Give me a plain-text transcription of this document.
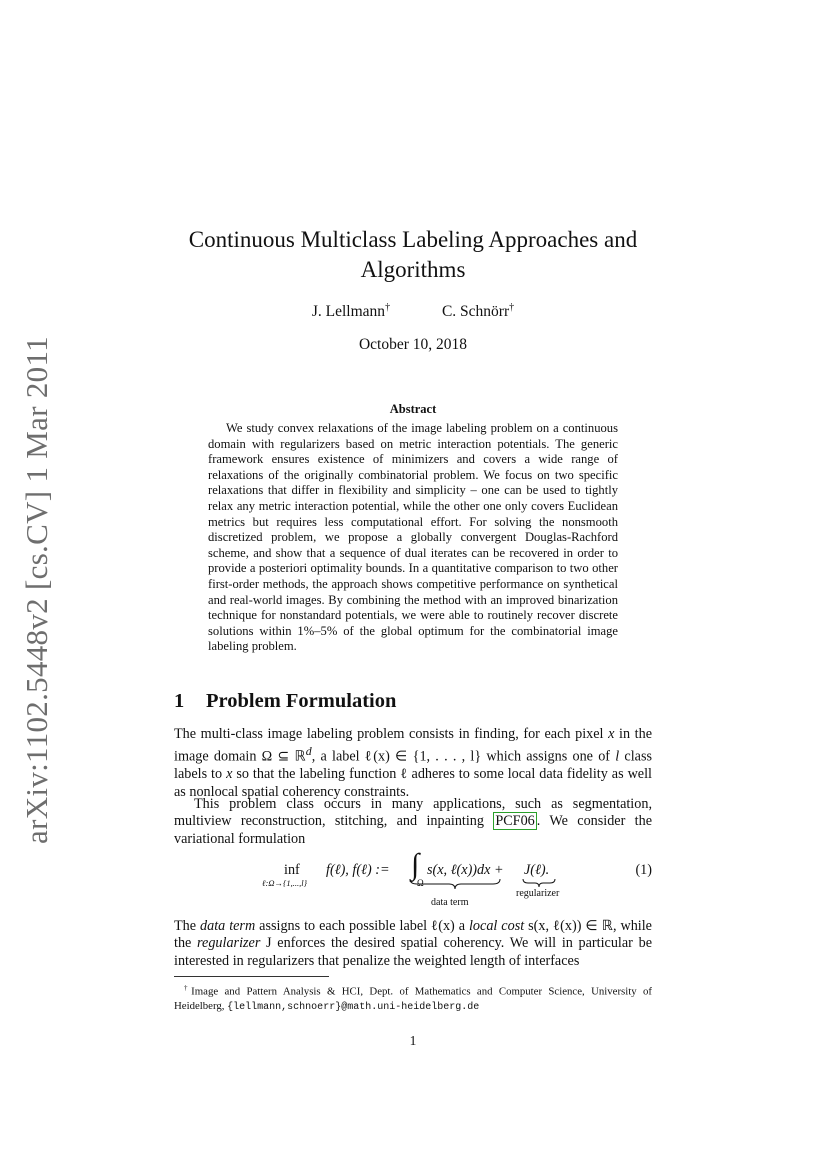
arXiv:1102.5448v2 [cs.CV] 1 Mar 2011
Continuous Multiclass Labeling Approaches and Algorithms
J. Lellmann†	C. Schnörr†
October 10, 2018
Abstract

We study convex relaxations of the image labeling problem on a continuous domain with regularizers based on metric interaction potentials. The generic framework ensures existence of minimizers and covers a wide range of relaxations of the originally combinatorial problem. We focus on two specific relaxations that differ in flexibility and simplicity – one can be used to tightly relax any metric interaction potential, while the other one only covers Euclidean metrics but requires less computational effort. For solving the nonsmooth discretized problem, we propose a globally convergent Douglas-Rachford scheme, and show that a sequence of dual iterates can be recovered in order to provide a posteriori optimality bounds. In a quantitative comparison to two other first-order methods, the approach shows competitive performance on synthetical and real-world images. By combining the method with an improved binarization technique for nonstandard potentials, we were able to routinely recover discrete solutions within 1%–5% of the global optimum for the combinatorial image labeling problem.

1 Problem Formulation

The multi-class image labeling problem consists in finding, for each pixel x in the image domain Ω ⊆ ℝ$^d$, a label ℓ(x) ∈ {1, . . . , l} which assigns one of l class labels to x so that the labeling function ℓ adheres to some local data fidelity as well as nonlocal spatial coherency constraints.

This problem class occurs in many applications, such as segmentation, multiview reconstruction, stitching, and inpainting PCF06 . We consider the variational formulation

inf
ℓ:Ω→{1,...,l}
f(ℓ), f(ℓ) := ∫
Ω
s(x, ℓ(x))dx +
data term
J(ℓ).
regularizer
(1)

The data term assigns to each possible label ℓ(x) a local cost s(x, ℓ(x)) ∈ ℝ, while the regularizer J enforces the desired spatial coherency. We will in particular be interested in regularizers that penalize the weighted length of interfaces

†Image and Pattern Analysis & HCI, Dept. of Mathematics and Computer Science, University of Heidelberg, {lellmann,schnoerr}@math.uni-heidelberg.de

1
